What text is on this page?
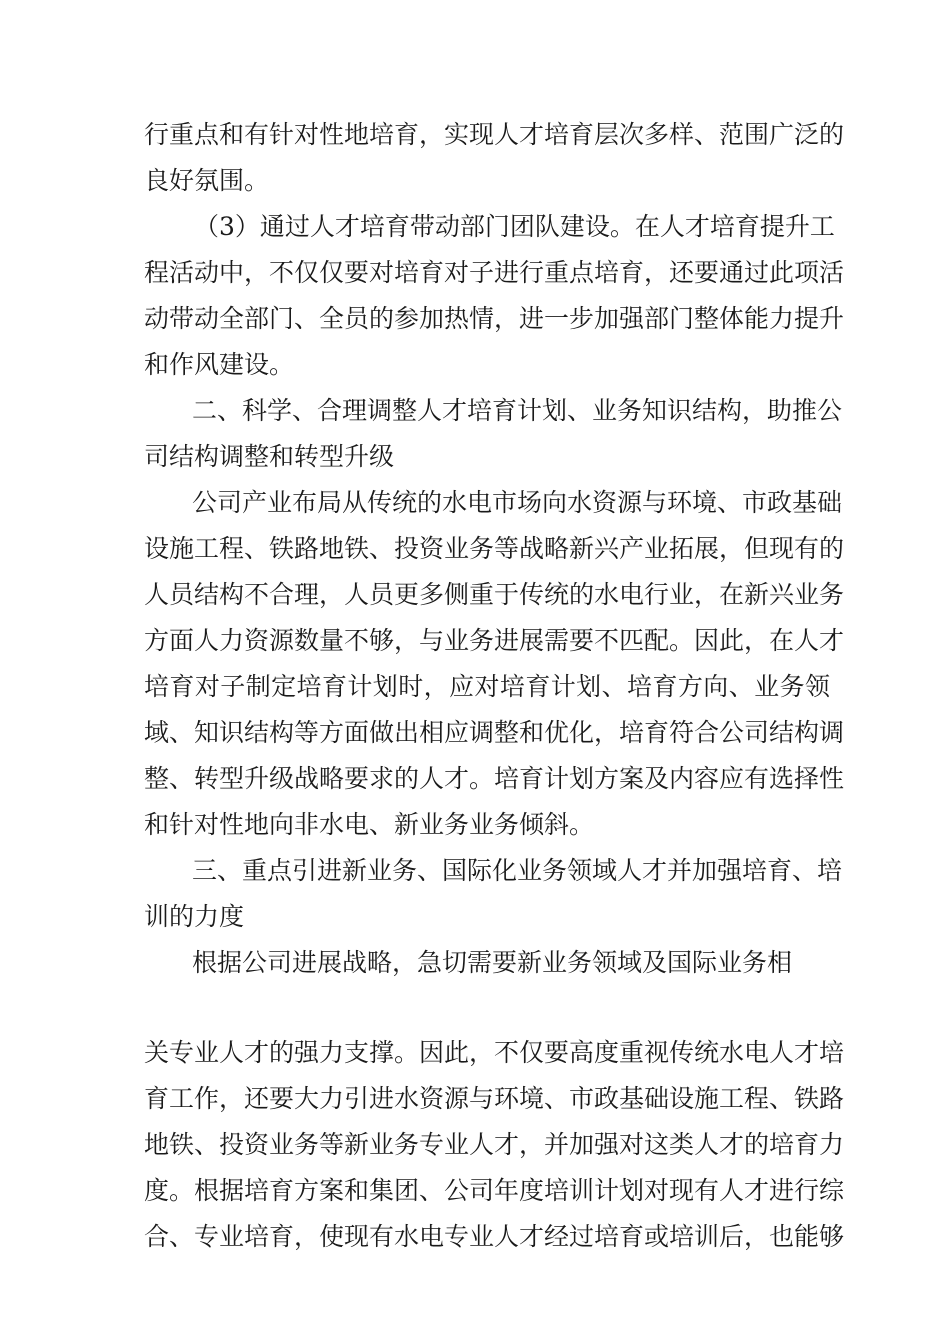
行重点和有针对性地培育，实现人才培育层次多样、范围广泛的
良好氛围。
（3）通过人才培育带动部门团队建设。在人才培育提升工
程活动中，不仅仅要对培育对子进行重点培育，还要通过此项活
动带动全部门、全员的参加热情，进一步加强部门整体能力提升
和作风建设。
二、科学、合理调整人才培育计划、业务知识结构，助推公
司结构调整和转型升级
公司产业布局从传统的水电市场向水资源与环境、市政基础
设施工程、铁路地铁、投资业务等战略新兴产业拓展，但现有的
人员结构不合理，人员更多侧重于传统的水电行业，在新兴业务
方面人力资源数量不够，与业务进展需要不匹配。因此，在人才
培育对子制定培育计划时，应对培育计划、培育方向、业务领
域、知识结构等方面做出相应调整和优化，培育符合公司结构调
整、转型升级战略要求的人才。培育计划方案及内容应有选择性
和针对性地向非水电、新业务业务倾斜。
三、重点引进新业务、国际化业务领域人才并加强培育、培
训的力度
根据公司进展战略，急切需要新业务领域及国际业务相
关专业人才的强力支撑。因此，不仅要高度重视传统水电人才培
育工作，还要大力引进水资源与环境、市政基础设施工程、铁路
地铁、投资业务等新业务专业人才，并加强对这类人才的培育力
度。根据培育方案和集团、公司年度培训计划对现有人才进行综
合、专业培育，使现有水电专业人才经过培育或培训后，也能够
